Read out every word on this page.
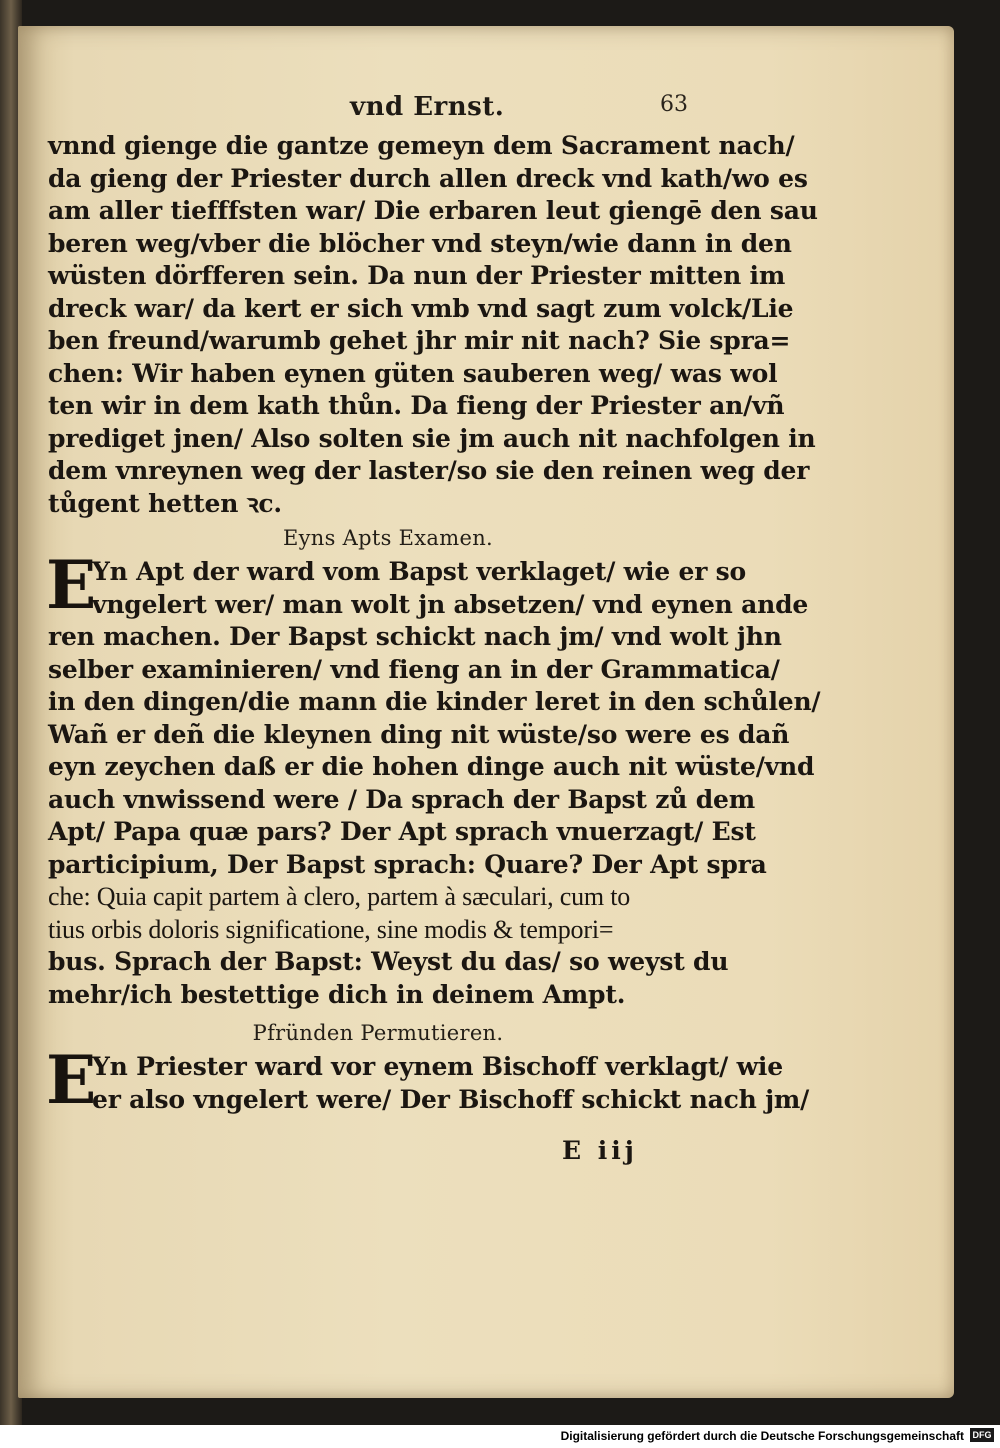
vnd Ernst.	63
vnnd gienge die gantze gemeyn dem Sacrament nach/
da gieng der Priester durch allen dreck vnd kath/wo es
am aller tiefffsten war/ Die erbaren leut giengē den sau
beren weg/vber die blöcher vnd steyn/wie dann in den
wüsten dörfferen sein. Da nun der Priester mitten im
dreck war/ da kert er sich vmb vnd sagt zum volck/Lie
ben freund/warumb gehet jhr mir nit nach? Sie spra=
chen: Wir haben eynen güten sauberen weg/ was wol
ten wir in dem kath thůn. Da fieng der Priester an/vñ
prediget jnen/ Also solten sie jm auch nit nachfolgen in
dem vnreynen weg der laster/so sie den reinen weg der
tůgent hetten ꝛc.
Eyns Apts Examen.
E
Yn Apt der ward vom Bapst verklaget/ wie er so
vngelert wer/ man wolt jn absetzen/ vnd eynen ande
ren machen. Der Bapst schickt nach jm/ vnd wolt jhn
selber examinieren/ vnd fieng an in der Grammatica/
in den dingen/die mann die kinder leret in den schůlen/
Wañ er deñ die kleynen ding nit wüste/so were es dañ
eyn zeychen daß er die hohen dinge auch nit wüste/vnd
auch vnwissend were / Da sprach der Bapst zů dem
Apt/ Papa quæ pars? Der Apt sprach vnuerzagt/ Est
participium, Der Bapst sprach: Quare? Der Apt spra
che: Quia capit partem à clero, partem à sæculari, cum to
tius orbis doloris significatione, sine modis & tempori=
bus. Sprach der Bapst: Weyst du das/ so weyst du
mehr/ich bestettige dich in deinem Ampt.
Pfründen Permutieren.
E
Yn Priester ward vor eynem Bischoff verklagt/ wie
er also vngelert were/ Der Bischoff schickt nach jm/
E iij
Digitalisierung gefördert durch die Deutsche Forschungsgemeinschaft DFG
